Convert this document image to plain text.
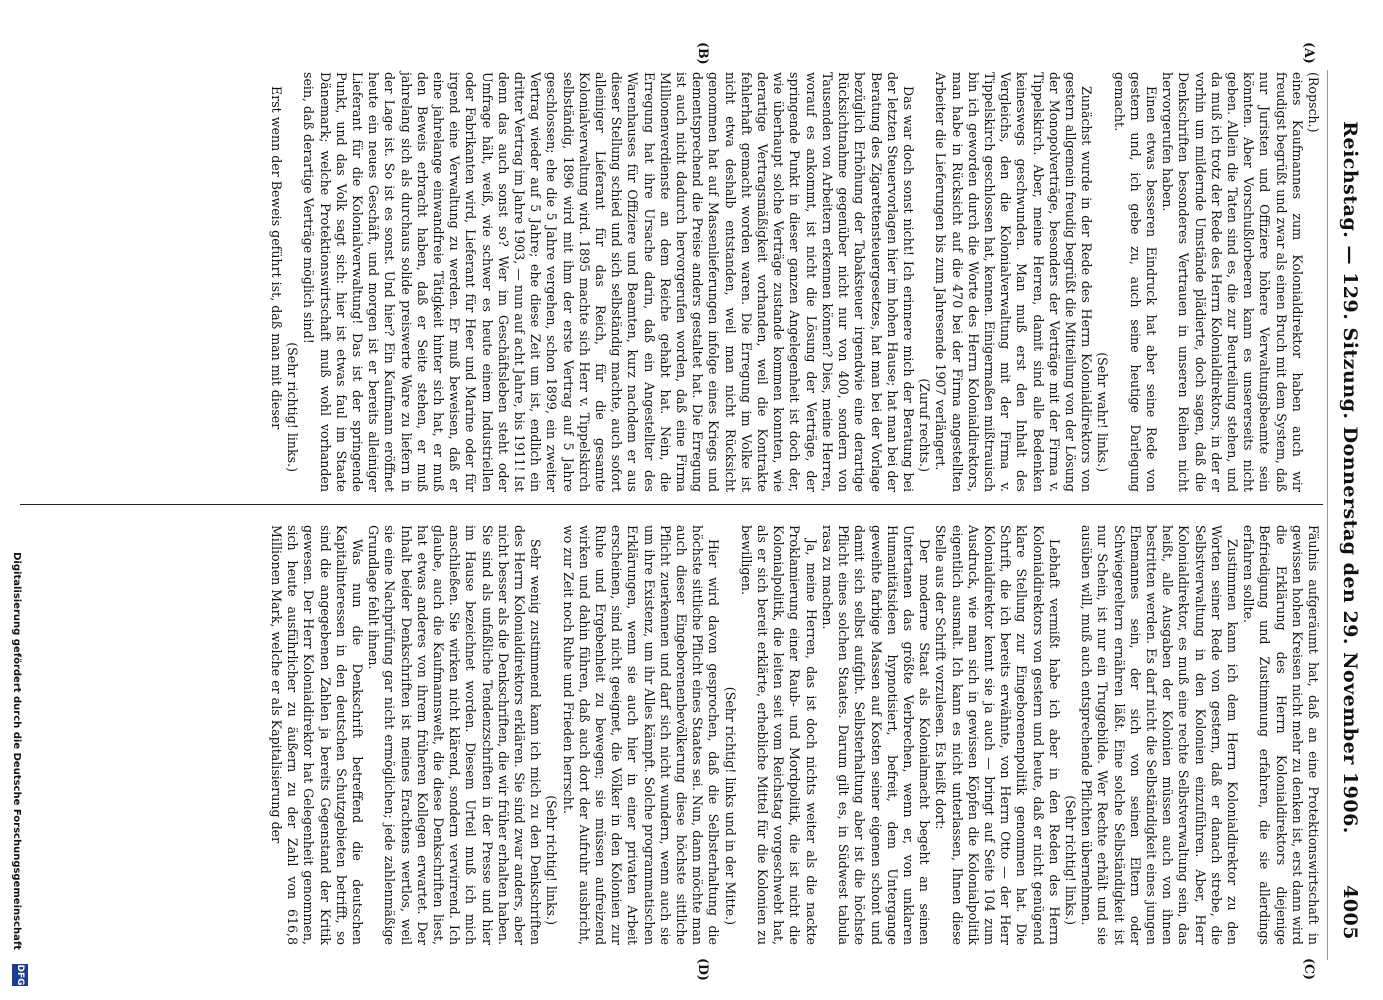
Reichstag. — 129. Sitzung. Donnerstag den 29. November 1906.
4005
(A)
(B)
(C)
(D)

(Ropsch.)

eines Kaufmannes zum Kolonialdirektor haben auch wir freudigst begrüßt und zwar als einen Bruch mit dem System, daß nur Juristen und Offiziere höhere Verwaltungsbeamte sein könnten. Aber Vorschußlorbeeren kann es unsererseits nicht geben. Allein die Taten sind es, die zur Beurteilung stehen, und da muß ich trotz der Rede des Herrn Kolonialdirektors, in der er vorhin um mildernde Umstände plädierte, doch sagen, daß die Denkschriften besonderes Vertrauen in unseren Reihen nicht hervorgerufen haben.

Einen etwas besseren Eindruck hat aber seine Rede von gestern und, ich gebe zu, auch seine heutige Darlegung gemacht.

(Sehr wahr! links.)

Zunächst wurde in der Rede des Herrn Kolonialdirektors von gestern allgemein freudig begrüßt die Mitteilung von der Lösung der Monopolverträge, besonders der Verträge mit der Firma v. Tippelskirch. Aber, meine Herren, damit sind alle Bedenken keineswegs geschwunden. Man muß erst den Inhalt des Vergleichs, den die Kolonialverwaltung mit der Firma v. Tippelskirch geschlossen hat, kennen. Einigermaßen mißtrauisch bin ich geworden durch die Worte des Herrn Kolonialdirektors, man habe in Rücksicht auf die 470 bei der Firma angestellten Arbeiter die Lieferungen bis zum Jahresende 1907 verlängert.

(Zuruf rechts.)

Das war doch sonst nicht! Ich erinnere mich der Beratung bei der letzten Steuervorlagen hier im hohen Hause; hat man bei der Beratung des Zigarettensteuergesetzes, hat man bei der Vorlage bezüglich Erhöhung der Tabaksteuer irgendwie eine derartige Rücksichtnahme gegenüber nicht nur von 400, sondern von Tausenden von Arbeitern erkennen können? Dies, meine Herren, worauf es ankommt, ist nicht die Lösung der Verträge, der springende Punkt in dieser ganzen Angelegenheit ist doch der, wie überhaupt solche Verträge zustande kommen konnten, wie derartige Vertragsmäßigkeit vorhanden, weil die Kontrakte fehlerhaft gemacht worden waren. Die Erregung im Volke ist nicht etwa deshalb entstanden, weil man nicht Rücksicht genommen hat auf Massenlieferungen infolge eines Kriegs und dementsprechend die Preise anders gestaltet hat. Die Erregung ist auch nicht dadurch hervorgerufen worden, daß eine Firma Millionenverdienste an dem Reiche gehabt hat. Nein, die Erregung hat ihre Ursache darin, daß ein Angestellter des Warenhauses für Offiziere und Beamten, kurz nachdem er aus dieser Stellung schied und sich selbständig machte, auch sofort alleiniger Lieferant für das Reich, für die gesamte Kolonialverwaltung wird. 1895 machte sich Herr v. Tippelskirch selbständig, 1896 wird mit ihm der erste Vertrag auf 5 Jahre geschlossen; ehe die 5 Jahre vergehen, schon 1899, ein zweiter Vertrag wieder auf 5 Jahre; ehe diese Zeit um ist, endlich ein dritter Vertrag im Jahre 1903, — nun auf acht Jahre, bis 1911! Ist denn das auch sonst so? Wer im Geschäftsleben steht oder Umfrage hält, weiß, wie schwer es heute einem Industriellen oder Fabrikanten wird, Lieferant für Heer und Marine oder für irgend eine Verwaltung zu werden. Er muß beweisen, daß er eine jahrelange einwandfreie Tätigkeit hinter sich hat, er muß den Beweis erbracht haben, daß er Seite stehen, er muß jahrelang sich als durchaus solide preiswerte Ware zu liefern in der Lage ist. So ist es sonst. Und hier? Ein Kaufmann eröffnet heute ein neues Geschäft, und morgen ist er bereits alleiniger Lieferant für die Kolonialverwaltung! Das ist der springende Punkt, und das Volk sagt sich: hier ist etwas faul im Staate Dänemark; welche Protektionswirtschaft muß wohl vorhanden sein, daß derartige Verträge möglich sind!

(Sehr richtig! links.)

Erst wenn der Beweis geführt ist, daß man mit dieser

Fäulnis aufgeräumt hat, daß an eine Protektionswirtschaft in gewissen hohen Kreisen nicht mehr zu denken ist, erst dann wird die Erklärung des Herrn Kolonialdirektors diejenige Befriedigung und Zustimmung erfahren, die sie allerdings erfahren sollte.

Zustimmen kann ich dem Herrn Kolonialdirektor zu den Worten seiner Rede von gestern, daß er danach strebe, die Selbstverwaltung in den Kolonien einzuführen. Aber, Herr Kolonialdirektor, es muß eine rechte Selbstverwaltung sein, das heißt, alle Ausgaben der Kolonien müssen auch von ihnen bestritten werden. Es darf nicht die Selbständigkeit eines jungen Ehemannes sein, der sich von seinen Eltern oder Schwiegereltern ernähren läßt. Eine solche Selbständigkeit ist nur Schein, ist nur ein Truggebilde. Wer Rechte erhält und sie ausüben will, muß auch entsprechende Pflichten übernehmen.

(Sehr richtig! links.)

Lebhaft vermißt habe ich aber in den Reden des Herrn Kolonialdirektors von gestern und heute, daß er nicht genügend klare Stellung zur Eingeborenenpolitik genommen hat. Die Schrift, die ich bereits erwähnte, von Herrn Otto — der Herr Kolonialdirektor kennt sie ja auch — bringt auf Seite 104 zum Ausdruck, wie man sich in gewissen Köpfen die Kolonialpolitik eigentlich ausmalt. Ich kann es nicht unterlassen, Ihnen diese Stelle aus der Schrift vorzulesen. Es heißt dort:

Der moderne Staat als Kolonialmacht begeht an seinen Untertanen das größte Verbrechen, wenn er, von unklaren Humanitätsideen hypnotisiert, befreit, dem Untergange geweihte farbige Massen auf Kosten seiner eigenen schont und damit sich selbst aufgibt. Selbsterhaltung aber ist die höchste Pflicht eines solchen Staates. Darum gilt es, in Südwest tabula rasa zu machen.

Ja, meine Herren, das ist doch nichts weiter als die nackte Proklamierung einer Raub- und Mordpolitik, die ist nicht die Kolonialpolitik, die leiten seit vom Reichstag vorgeschwebt hat, als er sich bereit erklärte, erhebliche Mittel für die Kolonien zu bewilligen.

(Sehr richtig! links und in der Mitte.)

Hier wird davon gesprochen, daß die Selbsterhaltung die höchste sittliche Pflicht eines Staates sei. Nun, dann möchte man auch dieser Eingeborenenbevölkerung diese höchste sittliche Pflicht zuerkennen und darf sich nicht wundern, wenn auch sie um ihre Existenz, um ihr Alles kämpft. Solche programmatischen Erklärungen, wenn sie auch hier in einer privaten Arbeit erscheinen, sind nicht geeignet, die Völker in den Kolonien zur Ruhe und Ergebenheit zu bewegen; sie müssen aufreizend wirken und dahin führen, daß auch dort der Aufruhr ausbricht, wo zur Zeit noch Ruhe und Frieden herrscht.

(Sehr richtig! links.)

Sehr wenig zustimmend kann ich mich zu den Denkschriften des Herrn Kolonialdirektors erklären. Sie sind zwar anders, aber nicht besser als die Denkschriften, die wir früher erhalten haben. Sie sind als unfaßliche Tendenzschriften in der Presse und hier im Hause bezeichnet worden. Diesem Urteil muß ich mich anschließen. Sie wirken nicht klärend, sondern verwirrend. Ich glaube, auch die Kaufmannswelt, die diese Denkschriften liest, hat etwas anderes von ihrem früheren Kollegen erwartet. Der Inhalt beider Denkschriften ist meines Erachtens wertlos, weil sie eine Nachprüfung gar nicht ermöglichen; jede zahlenmäßige Grundlage fehlt ihnen.

Was nun die Denkschrift betreffend die deutschen Kapitalinteressen in den deutschen Schutzgebieten betrifft, so sind die angegebenen Zahlen ja bereits Gegenstand der Kritik gewesen. Der Herr Kolonialdirektor hat Gelegenheit genommen, sich heute ausführlicher zu äußern zu der Zahl von 616,8 Millionen Mark, welche er als Kapitalisierung der

DFG
Digitalisierung gefördert durch die Deutsche Forschungsgemeinschaft
